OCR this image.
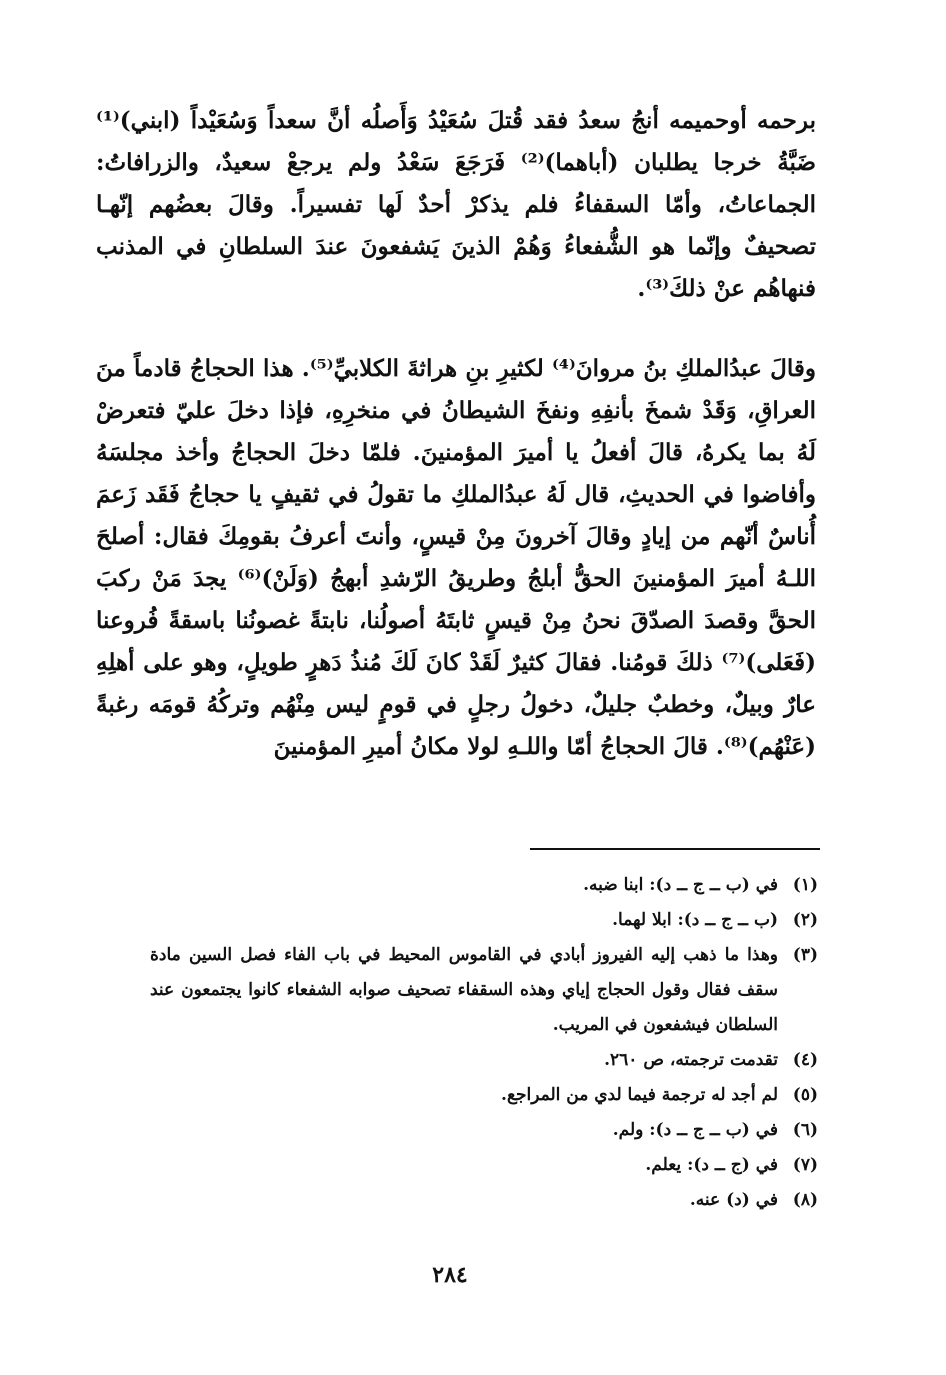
برحمه أوحميمه أنجُ سعدُ فقد قُتلَ سُعَيْدُ وَأَصلُه أنَّ سعداً وَسُعَيْداً (ابني)⁽¹⁾ ضَبَّةُ خرجا يطلبان (أباهما)⁽²⁾ فَرَجَعَ سَعْدُ ولم يرجعْ سعيدٌ، والزرافاتُ: الجماعاتُ، وأمّا السقفاءُ فلم يذكرْ أحدٌ لَها تفسيراً. وقالَ بعضُهم إنّهـا تصحيفٌ وإنّما هو الشُّفعاءُ وَهُمْ الذينَ يَشفعونَ عندَ السلطانِ في المذنب فنهاهُم عنْ ذلكَ⁽³⁾.

وقالَ عبدُالملكِ بنُ مروانَ⁽⁴⁾ لكثيرِ بنِ هراثةَ الكلابيِّ⁽⁵⁾. هذا الحجاجُ قادماً منَ العراقِ، وَقَدْ شمخَ بأنفِهِ ونفخَ الشيطانُ في منخرِهِ، فإذا دخلَ عليّ فتعرضْ لَهُ بما يكرهُ، قالَ أفعلُ يا أميرَ المؤمنينَ. فلمّا دخلَ الحجاجُ وأخذ مجلسَهُ وأفاضوا في الحديثِ، قال لَهُ عبدُالملكِ ما تقولُ في ثقيفٍ يا حجاجُ فَقَد زَعمَ أُناسٌ أنّهم من إيادٍ وقالَ آخرونَ مِنْ قيسٍ، وأنتَ أعرفُ بقومِكَ فقال: أصلحَ اللـهُ أميرَ المؤمنينَ الحقُّ أبلجُ وطريقُ الرّشدِ أبهجُ (وَلَنْ)⁽⁶⁾ يجدَ مَنْ ركبَ الحقَّ وقصدَ الصدّقَ نحنُ مِنْ قيسٍ ثابتَهُ أصولُنا، نابتةً غصونُنا باسقةً فُروعنا (فَعَلى)⁽⁷⁾ ذلكَ قومُنا. فقالَ كثيرٌ لَقَدْ كانَ لَكَ مُنذُ دَهرٍ طويلٍ، وهو على أهلِهِ عارٌ وبيلٌ، وخطبٌ جليلٌ، دخولُ رجلٍ في قومٍ ليس مِنْهُم وتركُهُ قومَه رغبةً (عَنْهُم)⁽⁸⁾. قالَ الحجاجُ أمّا واللـهِ لولا مكانُ أميرِ المؤمنينَ

(١)
في (ب ــ ج ــ د): ابنا ضبه.
(٢)
(ب ــ ج ــ د): ابلا لهما.
(٣)
وهذا ما ذهب إليه الفيروز أبادي في القاموس المحيط في باب الفاء فصل السين مادة سقف فقال وقول الحجاج إياي وهذه السقفاء تصحيف صوابه الشفعاء كانوا يجتمعون عند السلطان فيشفعون في المريب.
(٤)
تقدمت ترجمته، ص ٢٦٠.
(٥)
لم أجد له ترجمة فيما لدي من المراجع.
(٦)
في (ب ــ ج ــ د): ولم.
(٧)
في (ج ــ د): يعلم.
(٨)
في (د) عنه.
٢٨٤
